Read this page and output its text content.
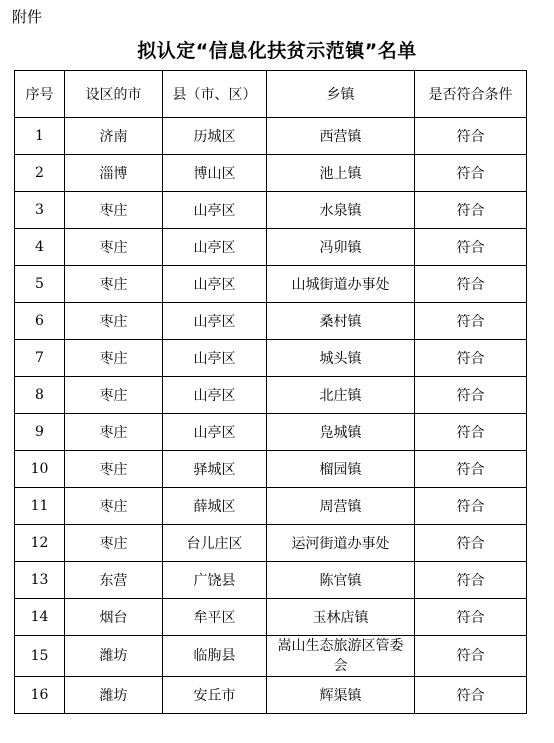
附件
拟认定“信息化扶贫示范镇”名单
序号	设区的市	县（市、区）	乡镇	是否符合条件
1	济南	历城区	西营镇	符合
2	淄博	博山区	池上镇	符合
3	枣庄	山亭区	水泉镇	符合
4	枣庄	山亭区	冯卯镇	符合
5	枣庄	山亭区	山城街道办事处	符合
6	枣庄	山亭区	桑村镇	符合
7	枣庄	山亭区	城头镇	符合
8	枣庄	山亭区	北庄镇	符合
9	枣庄	山亭区	凫城镇	符合
10	枣庄	驿城区	榴园镇	符合
11	枣庄	薛城区	周营镇	符合
12	枣庄	台儿庄区	运河街道办事处	符合
13	东营	广饶县	陈官镇	符合
14	烟台	牟平区	玉林店镇	符合
15	潍坊	临朐县	嵩山生态旅游区管委会	符合
16	潍坊	安丘市	辉渠镇	符合
